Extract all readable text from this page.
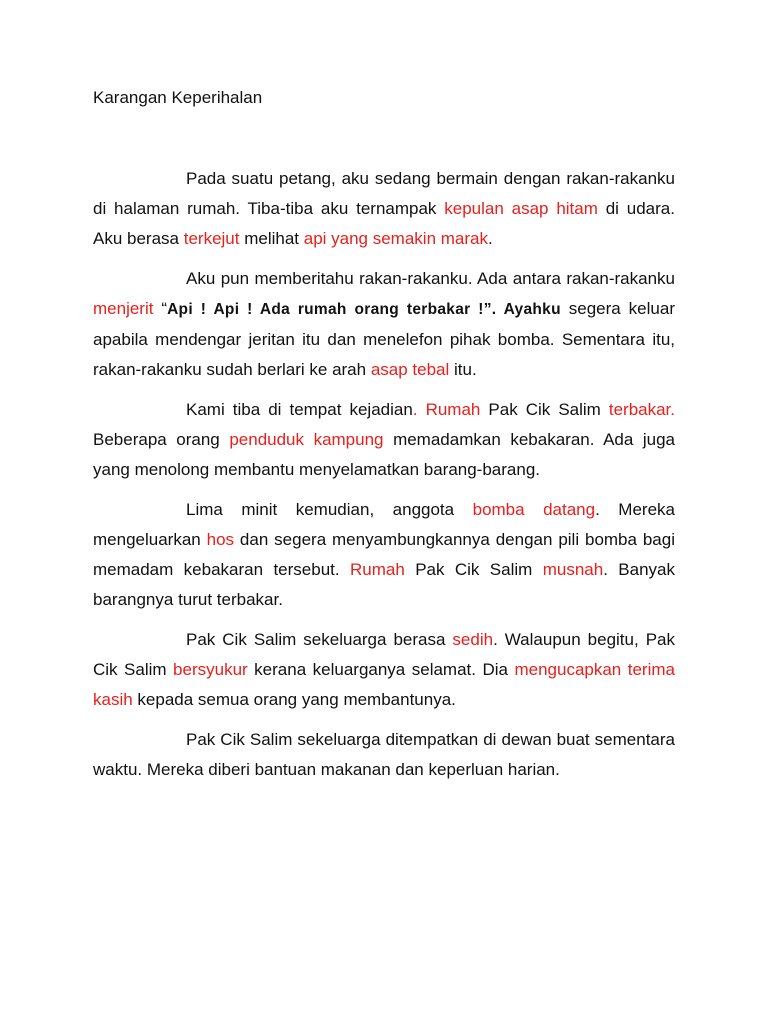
Karangan Keperihalan

Pada suatu petang, aku sedang bermain dengan rakan-rakanku di halaman rumah. Tiba-tiba aku ternampak kepulan asap hitam di udara. Aku berasa terkejut melihat api yang semakin marak.

Aku pun memberitahu rakan-rakanku. Ada antara rakan-rakanku menjerit “Api ! Api ! Ada rumah orang terbakar !”. Ayahku segera keluar apabila mendengar jeritan itu dan menelefon pihak bomba. Sementara itu, rakan-rakanku sudah berlari ke arah asap tebal itu.

Kami tiba di tempat kejadian. Rumah Pak Cik Salim terbakar. Beberapa orang penduduk kampung memadamkan kebakaran. Ada juga yang menolong membantu menyelamatkan barang-barang.

Lima minit kemudian, anggota bomba datang. Mereka mengeluarkan hos dan segera menyambungkannya dengan pili bomba bagi memadam kebakaran tersebut. Rumah Pak Cik Salim musnah. Banyak barangnya turut terbakar.

Pak Cik Salim sekeluarga berasa sedih. Walaupun begitu, Pak Cik Salim bersyukur kerana keluarganya selamat. Dia mengucapkan terima kasih kepada semua orang yang membantunya.

Pak Cik Salim sekeluarga ditempatkan di dewan buat sementara waktu. Mereka diberi bantuan makanan dan keperluan harian.
